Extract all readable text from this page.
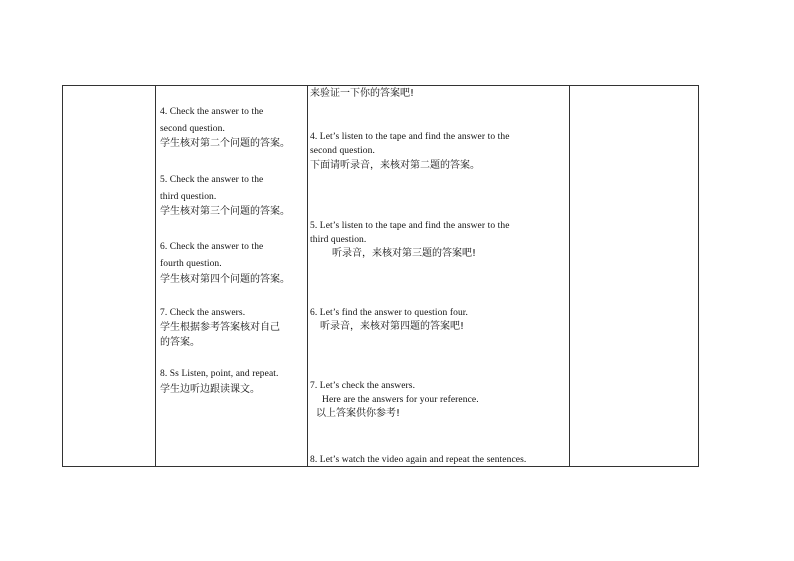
4. Check the answer to the
second question.
学生核对第二个问题的答案。
5. Check the answer to the
third question.
学生核对第三个问题的答案。
6. Check the answer to the
fourth question.
学生核对第四个问题的答案。
7. Check the answers.
学生根据参考答案核对自己
的答案。
8. Ss Listen, point, and repeat.
学生边听边跟读课文。
来验证一下你的答案吧!
4. Let’s listen to the tape and find the answer to the
second question.
下面请听录音，来核对第二题的答案。
5. Let’s listen to the tape and find the answer to the
third question.
听录音，来核对第三题的答案吧!
6. Let’s find the answer to question four.
听录音，来核对第四题的答案吧!
7. Let’s check the answers.
Here are the answers for your reference.
以上答案供你参考!
8. Let’s watch the video again and repeat the sentences.
